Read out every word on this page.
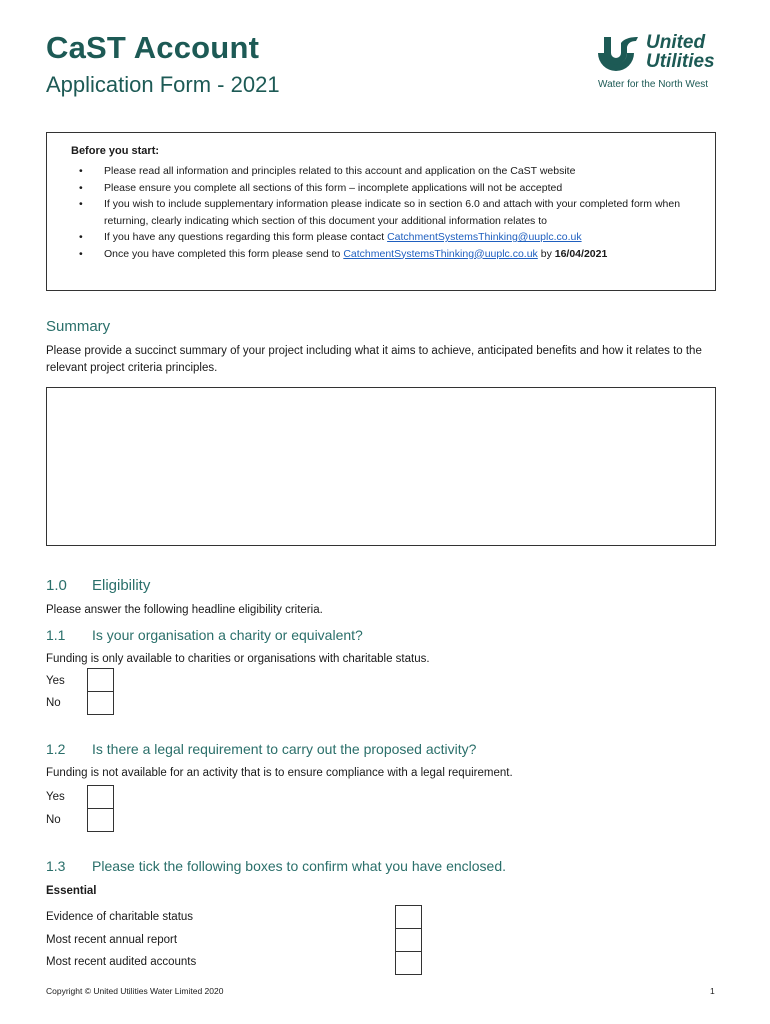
CaST Account
Application Form - 2021
United
Utilities
Water for the North West
Before you start:
• Please read all information and principles related to this account and application on the CaST website
• Please ensure you complete all sections of this form – incomplete applications will not be accepted
• If you wish to include supplementary information please indicate so in section 6.0 and attach with your completed form when returning, clearly indicating which section of this document your additional information relates to
• If you have any questions regarding this form please contact CatchmentSystemsThinking@uuplc.co.uk
• Once you have completed this form please send to CatchmentSystemsThinking@uuplc.co.uk by 16/04/2021
Summary
Please provide a succinct summary of your project including what it aims to achieve, anticipated benefits and how it relates to the relevant project criteria principles.
1.0 Eligibility
Please answer the following headline eligibility criteria.
1.1 Is your organisation a charity or equivalent?
Funding is only available to charities or organisations with charitable status.
Yes
No
1.2 Is there a legal requirement to carry out the proposed activity?
Funding is not available for an activity that is to ensure compliance with a legal requirement.
Yes
No
1.3 Please tick the following boxes to confirm what you have enclosed.
Essential
Evidence of charitable status
Most recent annual report
Most recent audited accounts
Copyright © United Utilities Water Limited 2020	1
